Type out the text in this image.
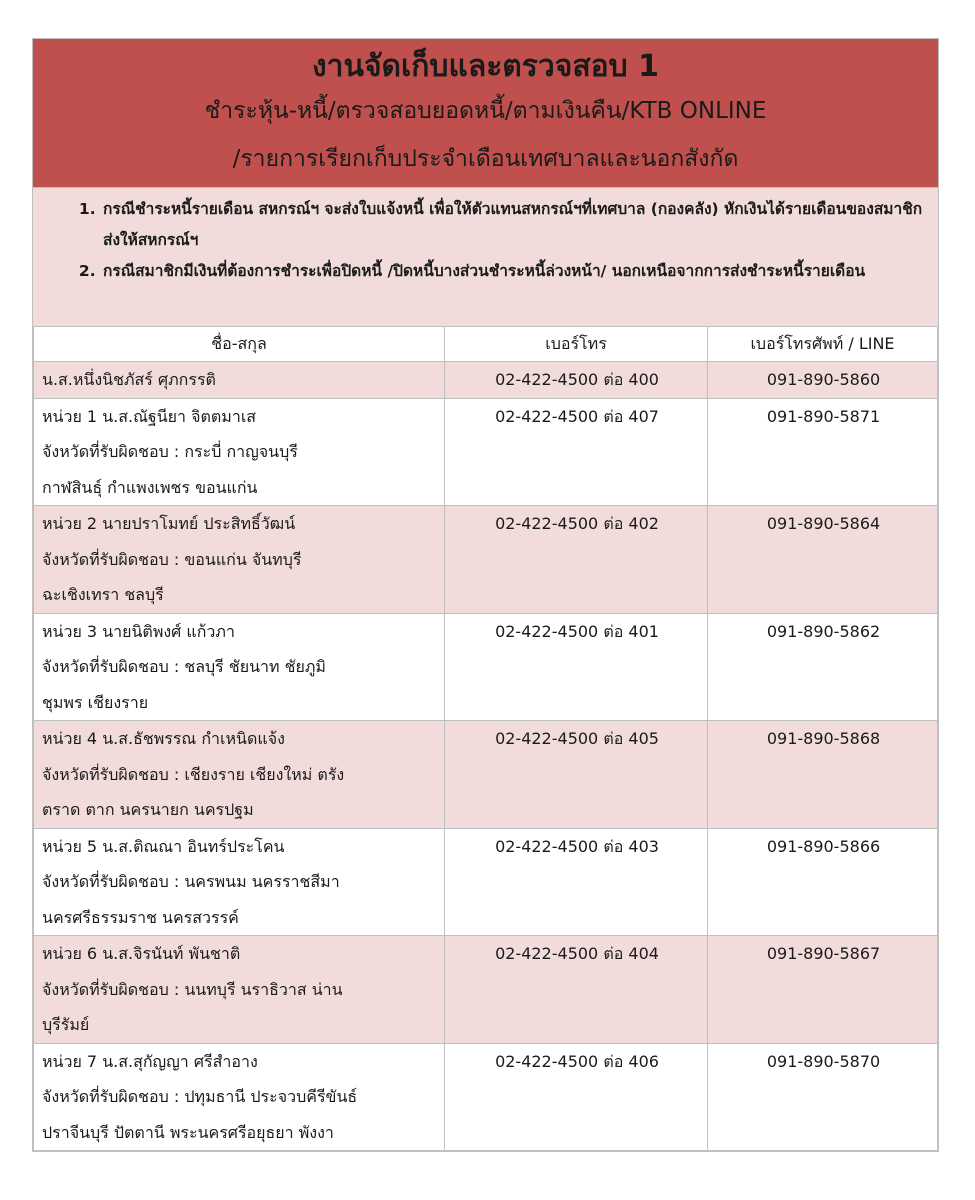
งานจัดเก็บและตรวจสอบ 1
ชำระหุ้น-หนี้/ตรวจสอบยอดหนี้/ตามเงินคืน/KTB ONLINE
/รายการเรียกเก็บประจำเดือนเทศบาลและนอกสังกัด
1. กรณีชำระหนี้รายเดือน สหกรณ์ฯ จะส่งใบแจ้งหนี้ เพื่อให้ตัวแทนสหกรณ์ฯที่เทศบาล (กองคลัง) หักเงินได้รายเดือนของสมาชิกส่งให้สหกรณ์ฯ
2. กรณีสมาชิกมีเงินที่ต้องการชำระเพื่อปิดหนี้ /ปิดหนี้บางส่วนชำระหนี้ล่วงหน้า/ นอกเหนือจากการส่งชำระหนี้รายเดือน
ชื่อ-สกุล	เบอร์โทร	เบอร์โทรศัพท์ / LINE
น.ส.หนึ่งนิชภัสร์ ศุภกรรติ	02-422-4500 ต่อ 400	091-890-5860

หน่วย 1 น.ส.ณัฐนียา จิตตมาเส
จังหวัดที่รับผิดชอบ : กระบี่ กาญจนบุรี
กาฬสินธุ์ กำแพงเพชร ขอนแก่น	02-422-4500 ต่อ 407	091-890-5871

หน่วย 2 นายปราโมทย์ ประสิทธิ์วัฒน์
จังหวัดที่รับผิดชอบ : ขอนแก่น จันทบุรี
ฉะเชิงเทรา ชลบุรี	02-422-4500 ต่อ 402	091-890-5864

หน่วย 3 นายนิติพงศ์ แก้วภา
จังหวัดที่รับผิดชอบ : ชลบุรี ชัยนาท ชัยภูมิ
ชุมพร เชียงราย	02-422-4500 ต่อ 401	091-890-5862

หน่วย 4 น.ส.ธัชพรรณ กำเหนิดแจ้ง
จังหวัดที่รับผิดชอบ : เชียงราย เชียงใหม่ ตรัง
ตราด ตาก นครนายก นครปฐม	02-422-4500 ต่อ 405	091-890-5868

หน่วย 5 น.ส.ติณณา อินทร์ประโคน
จังหวัดที่รับผิดชอบ : นครพนม นครราชสีมา
นครศรีธรรมราช นครสวรรค์	02-422-4500 ต่อ 403	091-890-5866

หน่วย 6 น.ส.จิรนันท์ พันชาติ
จังหวัดที่รับผิดชอบ : นนทบุรี นราธิวาส น่าน
บุรีรัมย์	02-422-4500 ต่อ 404	091-890-5867

หน่วย 7 น.ส.สุกัญญา ศรีสำอาง
จังหวัดที่รับผิดชอบ : ปทุมธานี ประจวบคีรีขันธ์
ปราจีนบุรี ปัตตานี พระนครศรีอยุธยา พังงา	02-422-4500 ต่อ 406	091-890-5870
